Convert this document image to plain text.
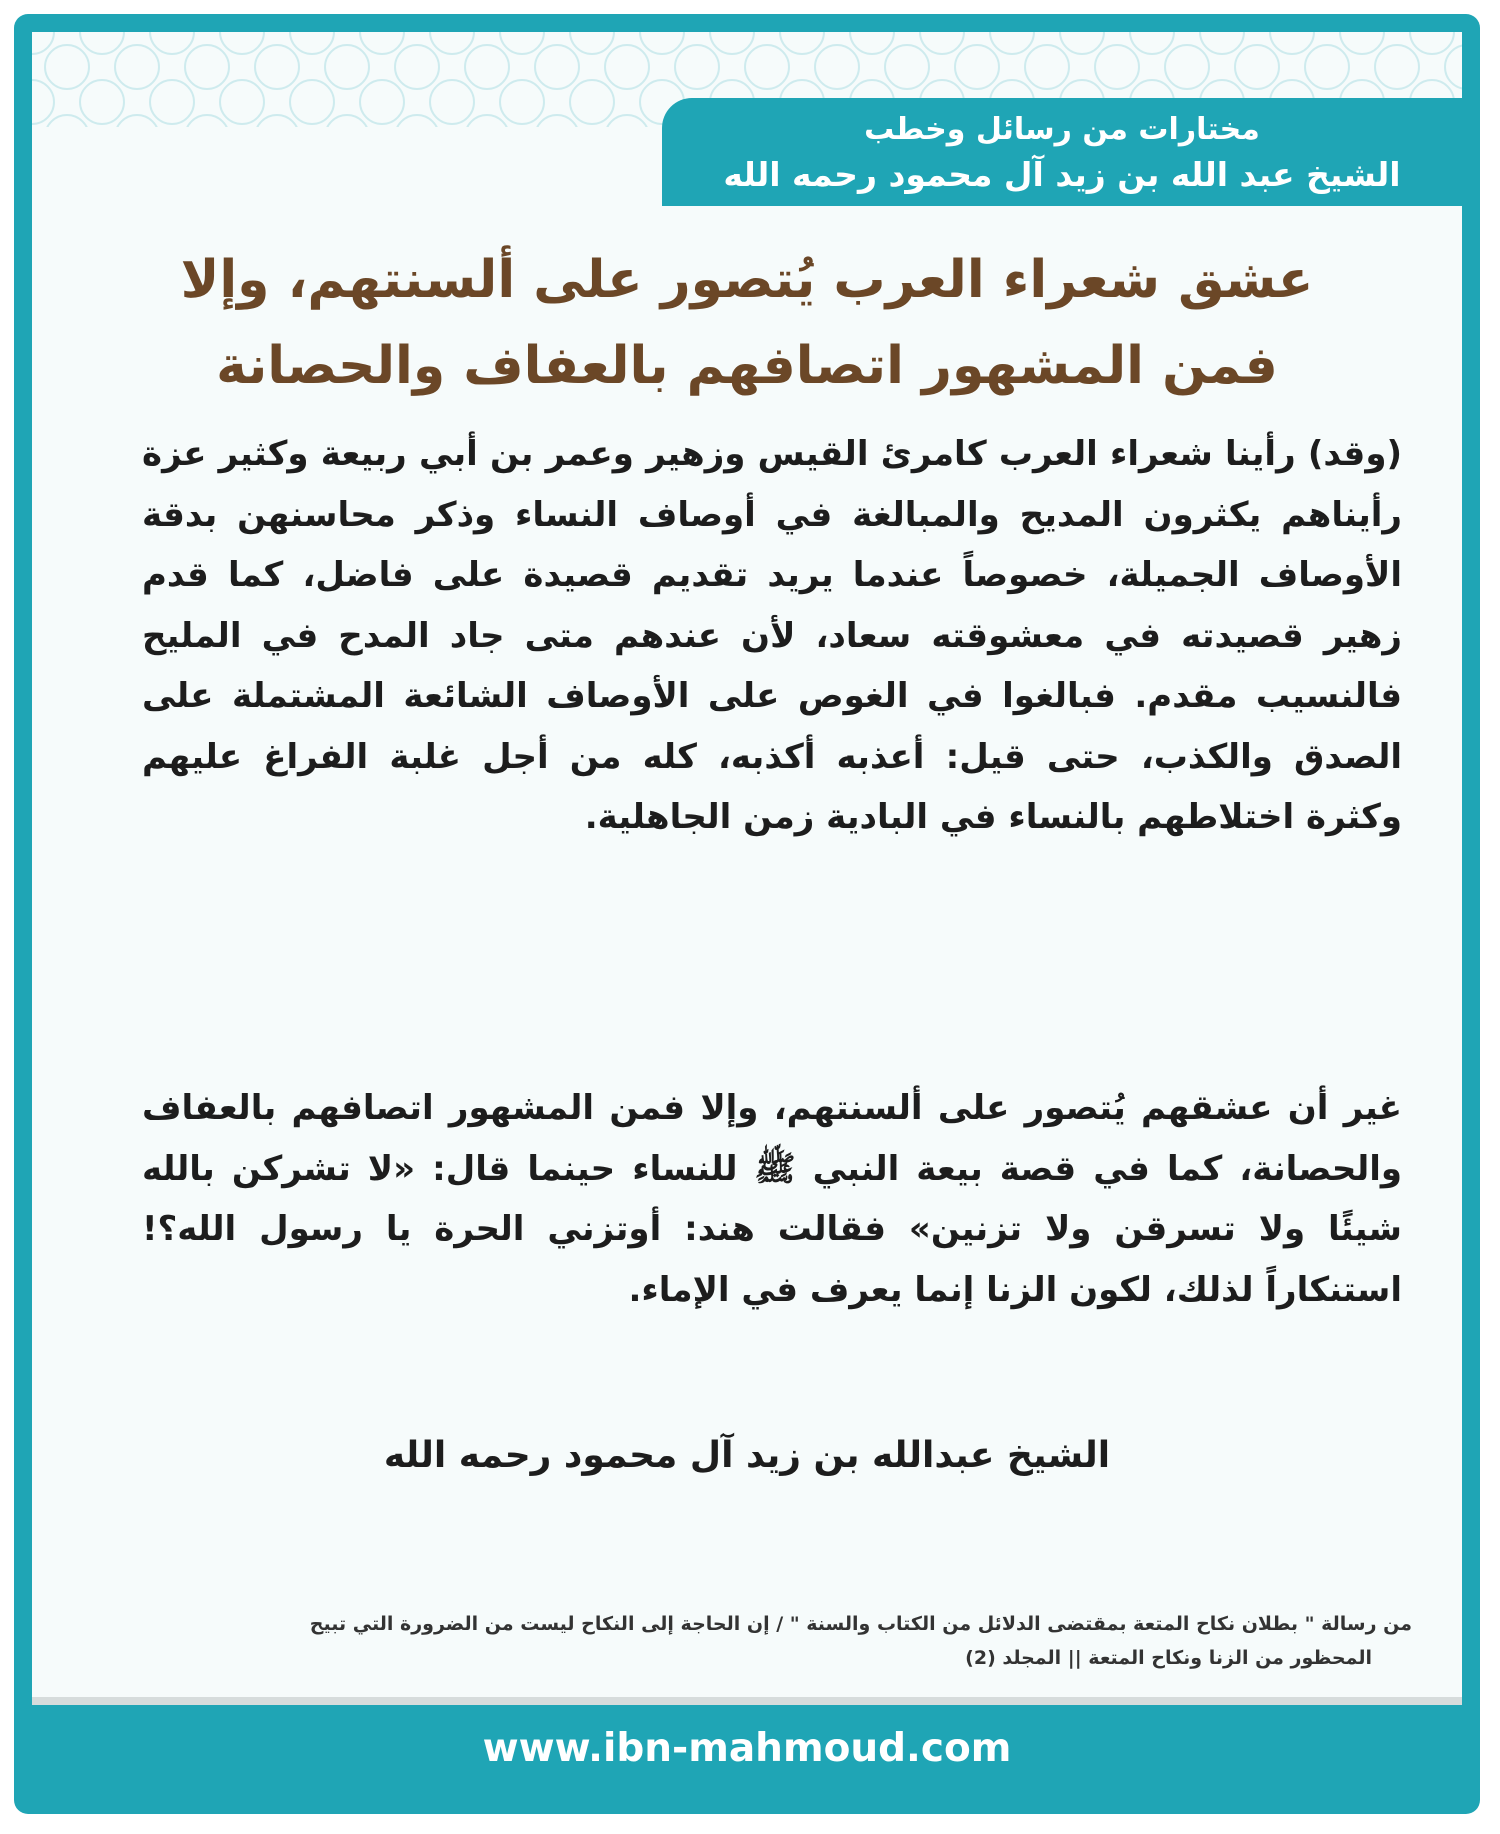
مختارات من رسائل وخطب
الشيخ عبد الله بن زيد آل محمود رحمه الله
عشق شعراء العرب يُتصور على ألسنتهم، وإلا
فمن المشهور اتصافهم بالعفاف والحصانة
(وقد) رأينا شعراء العرب كامرئ القيس وزهير وعمر بن أبي ربيعة وكثير عزة رأيناهم يكثرون المديح والمبالغة في أوصاف النساء وذكر محاسنهن بدقة الأوصاف الجميلة، خصوصاً عندما يريد تقديم قصيدة على فاضل، كما قدم زهير قصيدته في معشوقته سعاد، لأن عندهم متى جاد المدح في المليح فالنسيب مقدم. فبالغوا في الغوص على الأوصاف الشائعة المشتملة على الصدق والكذب، حتى قيل: أعذبه أكذبه، كله من أجل غلبة الفراغ عليهم وكثرة اختلاطهم بالنساء في البادية زمن الجاهلية.
غير أن عشقهم يُتصور على ألسنتهم، وإلا فمن المشهور اتصافهم بالعفاف والحصانة، كما في قصة بيعة النبي ﷺ للنساء حينما قال: «لا تشركن بالله شيئًا ولا تسرقن ولا تزنين» فقالت هند: أوتزني الحرة يا رسول الله؟! استنكاراً لذلك، لكون الزنا إنما يعرف في الإماء.
الشيخ عبدالله بن زيد آل محمود رحمه الله
من رسالة " بطلان نكاح المتعة بمقتضى الدلائل من الكتاب والسنة " / إن الحاجة إلى النكاح ليست من الضرورة التي تبيح
المحظور من الزنا ونكاح المتعة || المجلد (2)
www.ibn-mahmoud.com
